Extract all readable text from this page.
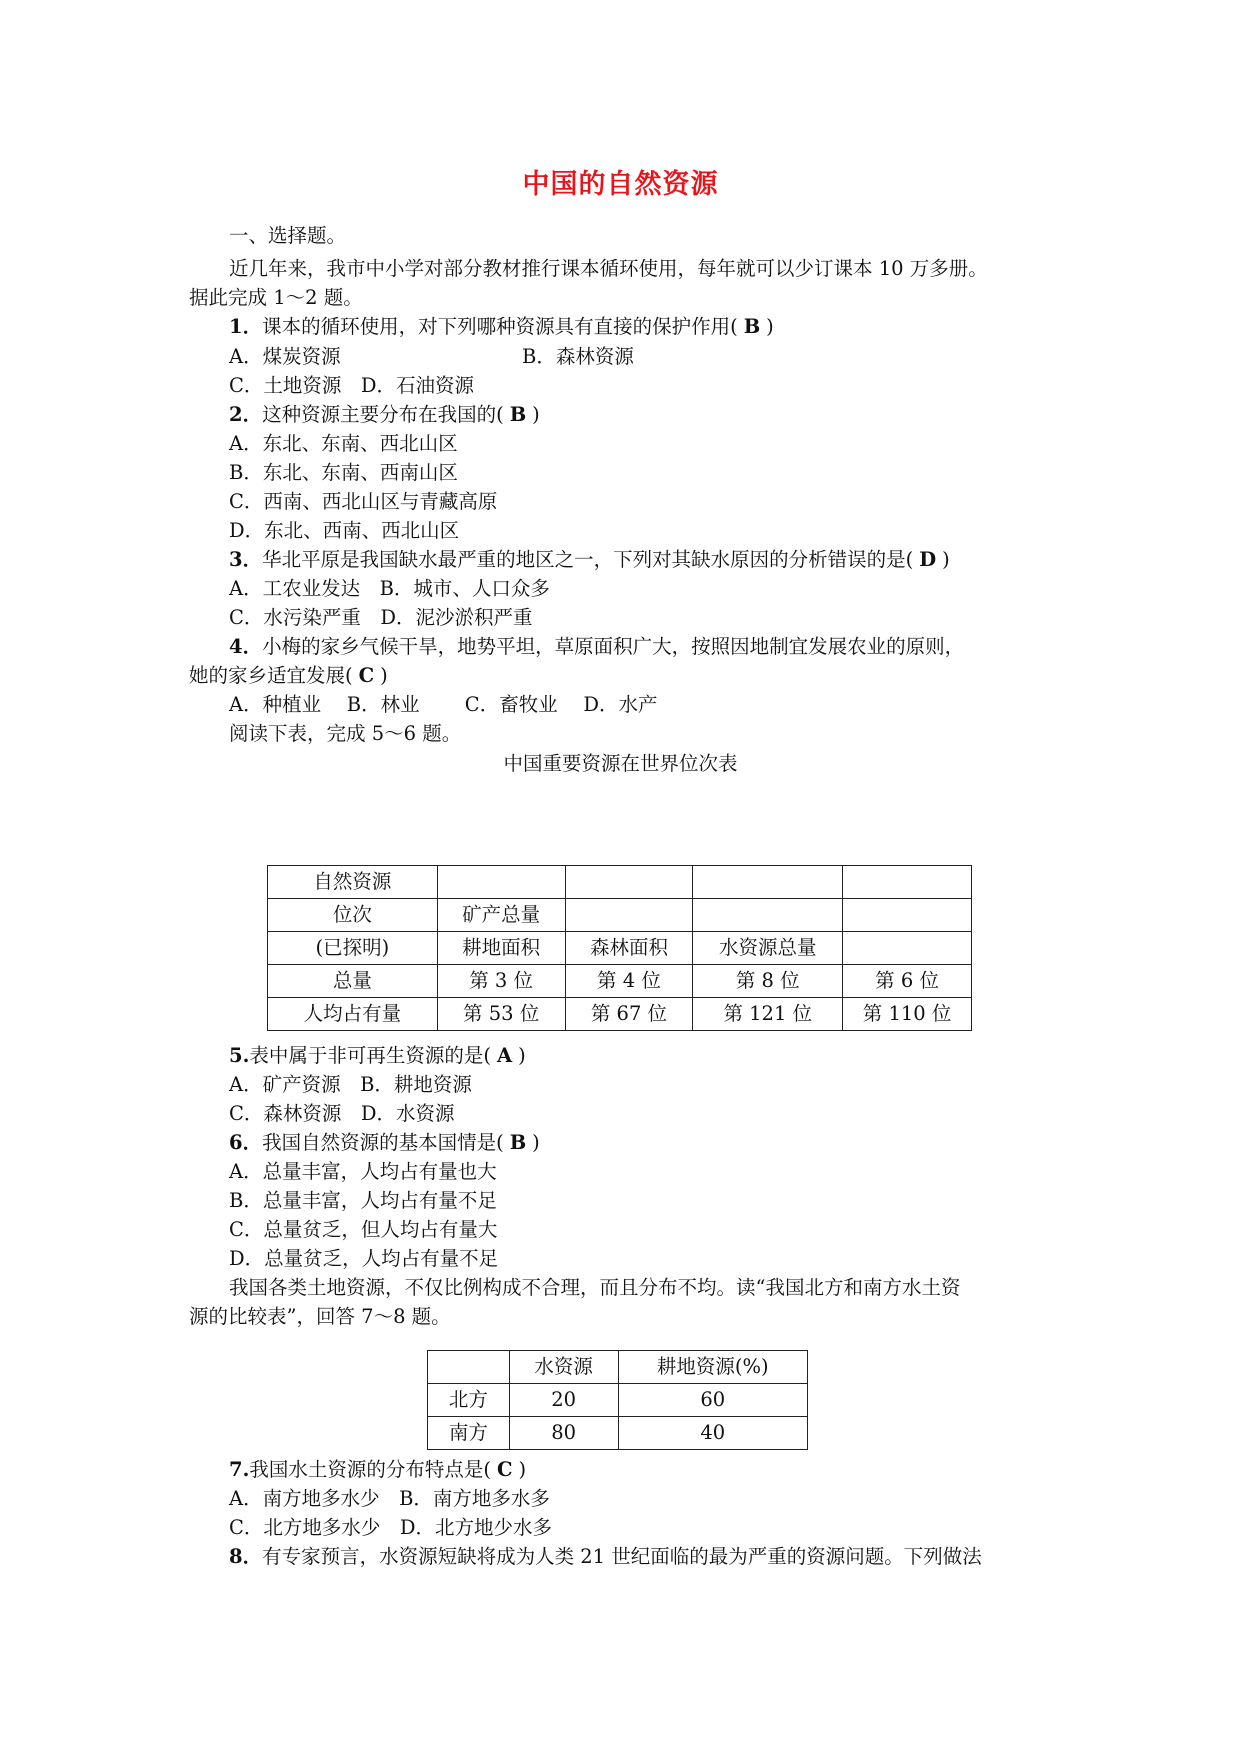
中国的自然资源
一、选择题。
近几年来，我市中小学对部分教材推行课本循环使用，每年就可以少订课本 10 万多册。
据此完成 1～2 题。
1．课本的循环使用，对下列哪种资源具有直接的保护作用( B )
A．煤炭资源	B．森林资源
C．土地资源　D．石油资源
2．这种资源主要分布在我国的( B )
A．东北、东南、西北山区
B．东北、东南、西南山区
C．西南、西北山区与青藏高原
D．东北、西南、西北山区
3．华北平原是我国缺水最严重的地区之一，下列对其缺水原因的分析错误的是( D )
A．工农业发达　B．城市、人口众多
C．水污染严重　D．泥沙淤积严重
4．小梅的家乡气候干旱，地势平坦，草原面积广大，按照因地制宜发展农业的原则，
她的家乡适宜发展( C )
A．种植业　 B．林业　　 C．畜牧业　 D．水产
阅读下表，完成 5～6 题。
中国重要资源在世界位次表
自然资源				
位次	矿产总量			
(已探明)	耕地面积	森林面积	水资源总量	
总量	第 3 位	第 4 位	第 8 位	第 6 位
人均占有量	第 53 位	第 67 位	第 121 位	第 110 位
5.表中属于非可再生资源的是( A )
A．矿产资源　B．耕地资源
C．森林资源　D．水资源
6．我国自然资源的基本国情是( B )
A．总量丰富，人均占有量也大
B．总量丰富，人均占有量不足
C．总量贫乏，但人均占有量大
D．总量贫乏，人均占有量不足
我国各类土地资源，不仅比例构成不合理，而且分布不均。读“我国北方和南方水土资
源的比较表”，回答 7～8 题。
	水资源	耕地资源(%)
北方	20	60
南方	80	40
7.我国水土资源的分布特点是( C )
A．南方地多水少　B．南方地多水多
C．北方地多水少　D．北方地少水多
8．有专家预言，水资源短缺将成为人类 21 世纪面临的最为严重的资源问题。下列做法
